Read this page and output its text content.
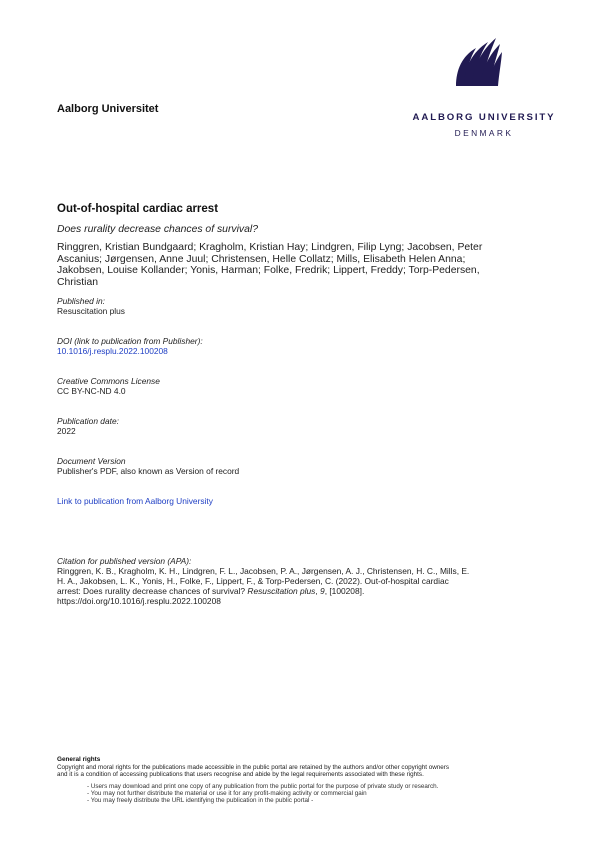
Aalborg Universitet
AALBORG UNIVERSITY
DENMARK
Out-of-hospital cardiac arrest
Does rurality decrease chances of survival?
Ringgren, Kristian Bundgaard; Kragholm, Kristian Hay; Lindgren, Filip Lyng; Jacobsen, Peter
Ascanius; Jørgensen, Anne Juul; Christensen, Helle Collatz; Mills, Elisabeth Helen Anna;
Jakobsen, Louise Kollander; Yonis, Harman; Folke, Fredrik; Lippert, Freddy; Torp-Pedersen,
Christian
Published in:
Resuscitation plus
DOI (link to publication from Publisher):
10.1016/j.resplu.2022.100208
Creative Commons License
CC BY-NC-ND 4.0
Publication date:
2022
Document Version
Publisher's PDF, also known as Version of record
Link to publication from Aalborg University
Citation for published version (APA):
Ringgren, K. B., Kragholm, K. H., Lindgren, F. L., Jacobsen, P. A., Jørgensen, A. J., Christensen, H. C., Mills, E.
H. A., Jakobsen, L. K., Yonis, H., Folke, F., Lippert, F., & Torp-Pedersen, C. (2022). Out-of-hospital cardiac
arrest: Does rurality decrease chances of survival? Resuscitation plus, 9, [100208].
https://doi.org/10.1016/j.resplu.2022.100208
General rights
Copyright and moral rights for the publications made accessible in the public portal are retained by the authors and/or other copyright owners
and it is a condition of accessing publications that users recognise and abide by the legal requirements associated with these rights.
- Users may download and print one copy of any publication from the public portal for the purpose of private study or research.
- You may not further distribute the material or use it for any profit-making activity or commercial gain
- You may freely distribute the URL identifying the publication in the public portal -
